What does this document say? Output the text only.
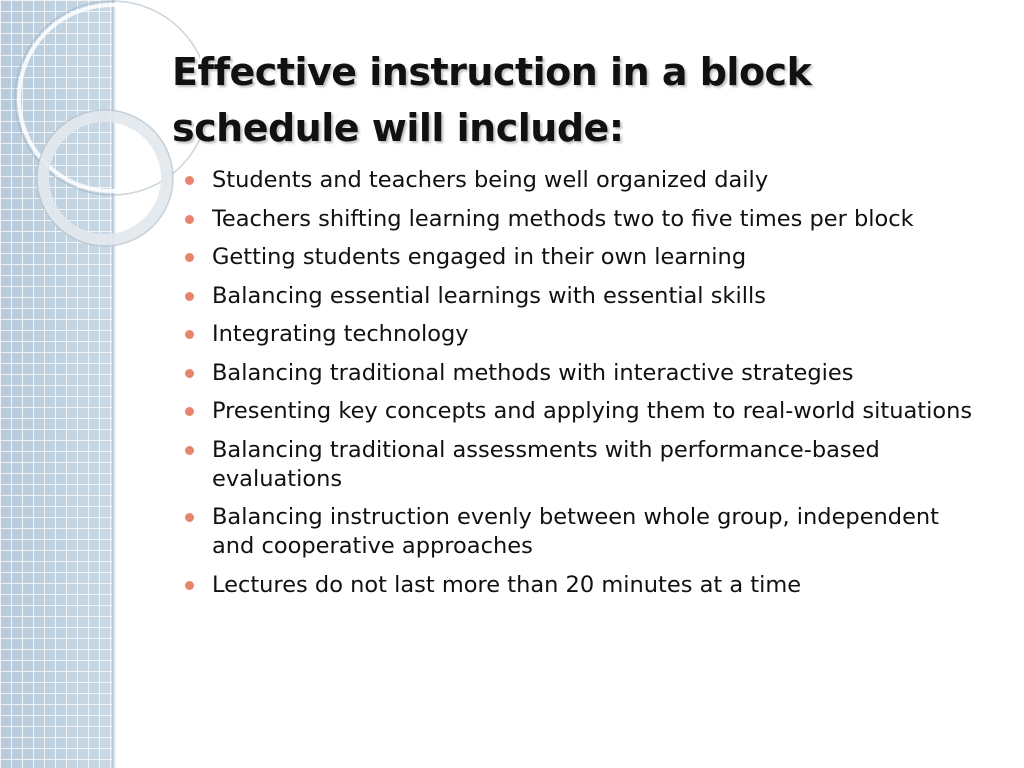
Effective instruction in a block schedule will include:
Students and teachers being well organized daily
Teachers shifting learning methods two to five times per block
Getting students engaged in their own learning
Balancing essential learnings with essential skills
Integrating technology
Balancing traditional methods with interactive strategies
Presenting key concepts and applying them to real-world situations
Balancing traditional assessments with performance-based evaluations
Balancing instruction evenly between whole group, independent and cooperative approaches
Lectures do not last more than 20 minutes at a time
